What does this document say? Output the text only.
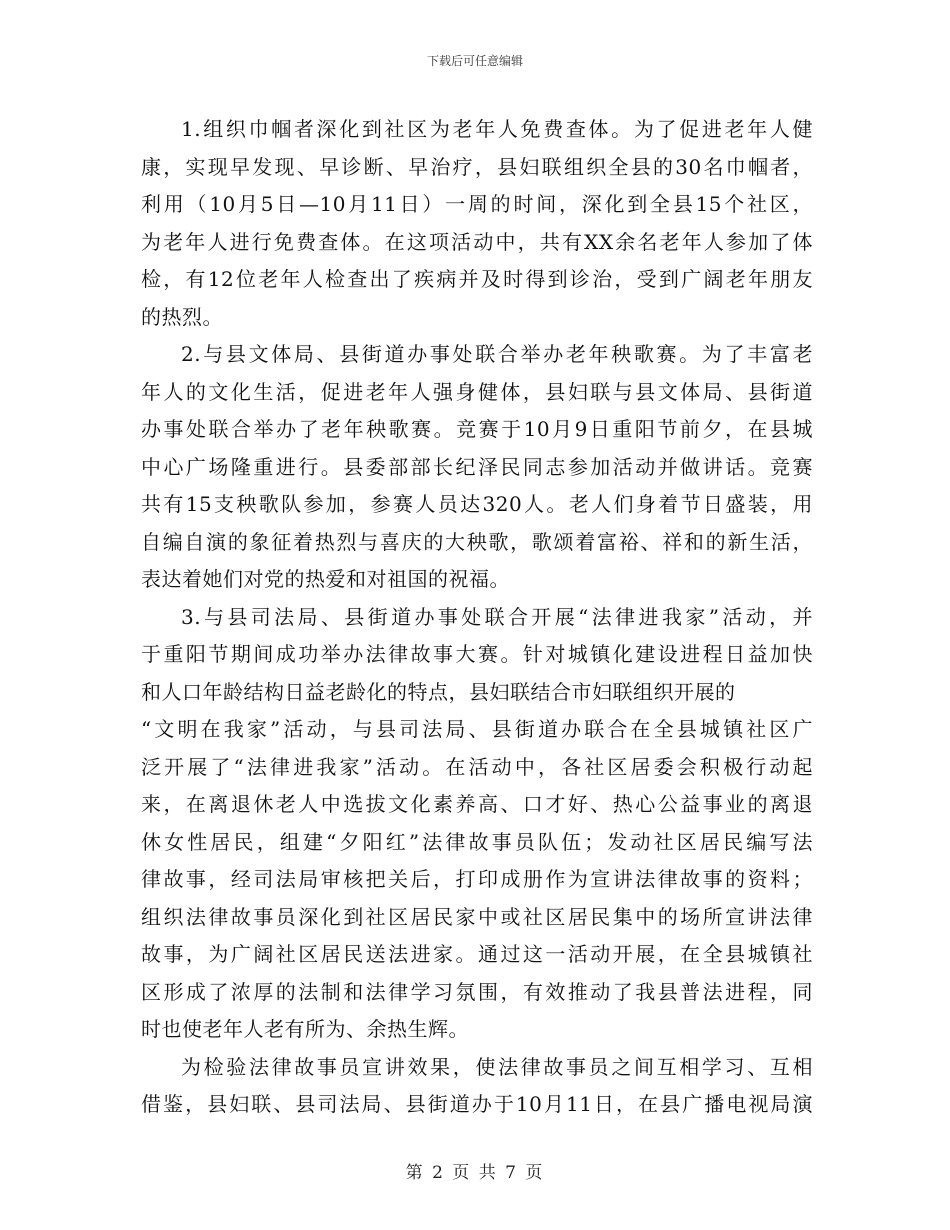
下载后可任意编辑
1.组织巾帼者深化到社区为老年人免费查体。为了促进老年人健
康，实现早发现、早诊断、早治疗，县妇联组织全县的30名巾帼者，
利用（10月5日—10月11日）一周的时间，深化到全县15个社区，
为老年人进行免费查体。在这项活动中，共有XX余名老年人参加了体
检，有12位老年人检查出了疾病并及时得到诊治，受到广阔老年朋友
的热烈。
2.与县文体局、县街道办事处联合举办老年秧歌赛。为了丰富老
年人的文化生活，促进老年人强身健体，县妇联与县文体局、县街道
办事处联合举办了老年秧歌赛。竞赛于10月9日重阳节前夕，在县城
中心广场隆重进行。县委部部长纪泽民同志参加活动并做讲话。竞赛
共有15支秧歌队参加，参赛人员达320人。老人们身着节日盛装，用
自编自演的象征着热烈与喜庆的大秧歌，歌颂着富裕、祥和的新生活，
表达着她们对党的热爱和对祖国的祝福。
3.与县司法局、县街道办事处联合开展“法律进我家”活动，并
于重阳节期间成功举办法律故事大赛。针对城镇化建设进程日益加快
和人口年龄结构日益老龄化的特点，县妇联结合市妇联组织开展的
“文明在我家”活动，与县司法局、县街道办联合在全县城镇社区广
泛开展了“法律进我家”活动。在活动中，各社区居委会积极行动起
来，在离退休老人中选拔文化素养高、口才好、热心公益事业的离退
休女性居民，组建“夕阳红”法律故事员队伍；发动社区居民编写法
律故事，经司法局审核把关后，打印成册作为宣讲法律故事的资料；
组织法律故事员深化到社区居民家中或社区居民集中的场所宣讲法律
故事，为广阔社区居民送法进家。通过这一活动开展，在全县城镇社
区形成了浓厚的法制和法律学习氛围，有效推动了我县普法进程，同
时也使老年人老有所为、余热生辉。
为检验法律故事员宣讲效果，使法律故事员之间互相学习、互相
借鉴，县妇联、县司法局、县街道办于10月11日，在县广播电视局演
第 2 页 共 7 页
